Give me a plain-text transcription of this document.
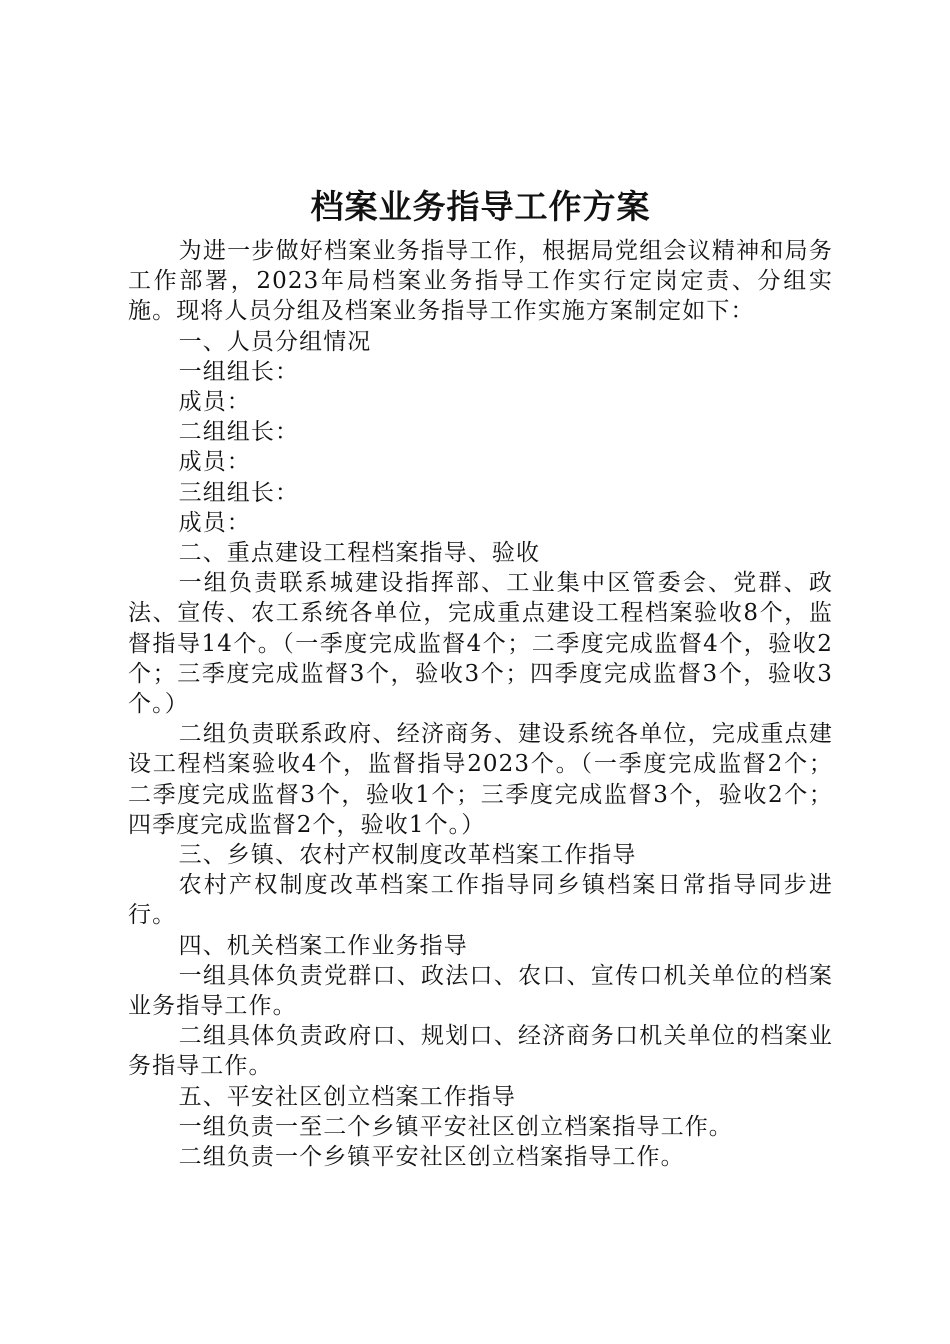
档案业务指导工作方案

为进一步做好档案业务指导工作，根据局党组会议精神和局务工作部署，2023年局档案业务指导工作实行定岗定责、分组实施。现将人员分组及档案业务指导工作实施方案制定如下：

一、人员分组情况

一组组长：

成员：

二组组长：

成员：

三组组长：

成员：

二、重点建设工程档案指导、验收

一组负责联系城建设指挥部、工业集中区管委会、党群、政法、宣传、农工系统各单位，完成重点建设工程档案验收8个，监督指导14个。（一季度完成监督4个；二季度完成监督4个，验收2个；三季度完成监督3个，验收3个；四季度完成监督3个，验收3个。）

二组负责联系政府、经济商务、建设系统各单位，完成重点建设工程档案验收4个，监督指导2023个。（一季度完成监督2个；二季度完成监督3个，验收1个；三季度完成监督3个，验收2个；四季度完成监督2个，验收1个。）

三、乡镇、农村产权制度改革档案工作指导

农村产权制度改革档案工作指导同乡镇档案日常指导同步进行。

四、机关档案工作业务指导

一组具体负责党群口、政法口、农口、宣传口机关单位的档案业务指导工作。

二组具体负责政府口、规划口、经济商务口机关单位的档案业务指导工作。

五、平安社区创立档案工作指导

一组负责一至二个乡镇平安社区创立档案指导工作。

二组负责一个乡镇平安社区创立档案指导工作。
